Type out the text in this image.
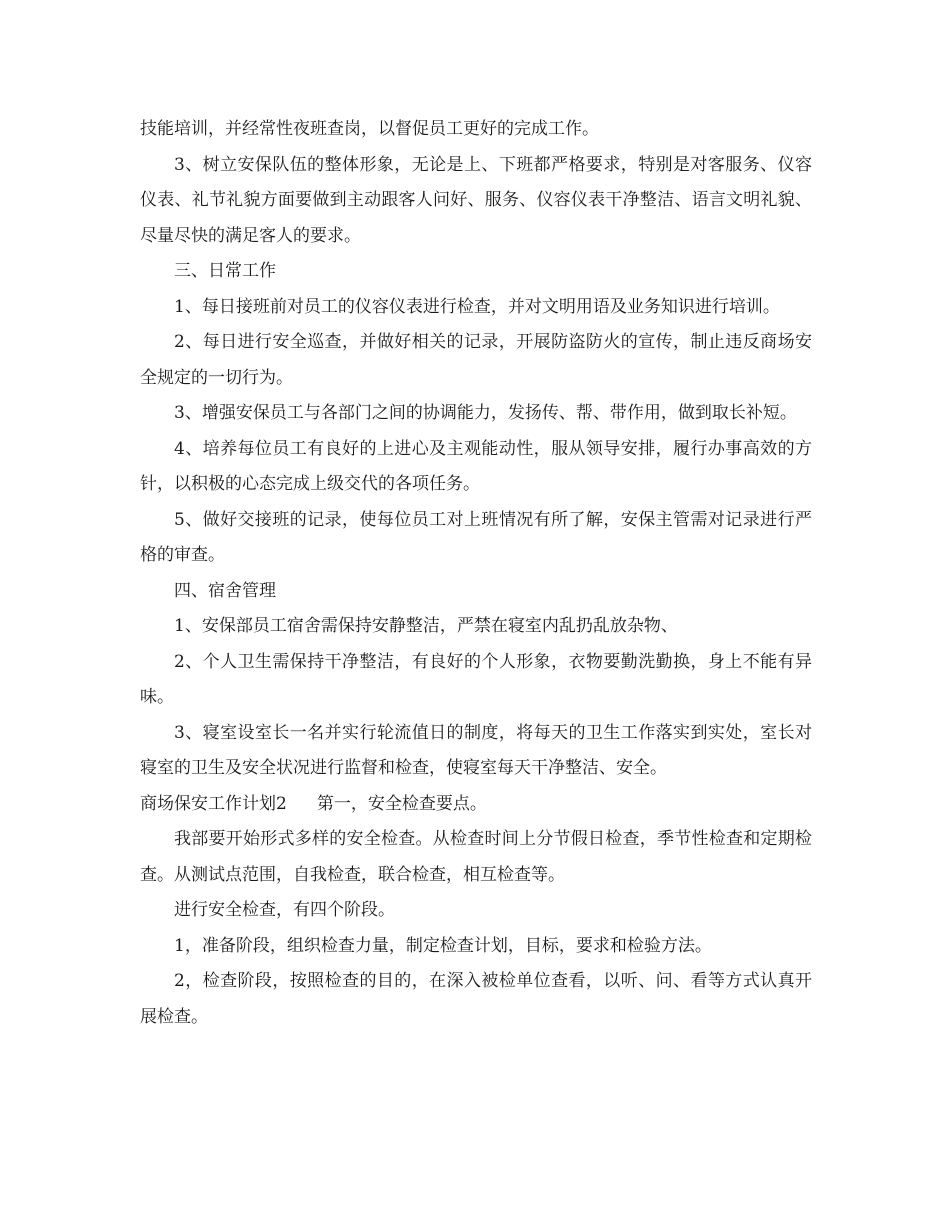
技能培训，并经常性夜班查岗，以督促员工更好的完成工作。

3、树立安保队伍的整体形象，无论是上、下班都严格要求，特别是对客服务、仪容仪表、礼节礼貌方面要做到主动跟客人问好、服务、仪容仪表干净整洁、语言文明礼貌、尽量尽快的满足客人的要求。

三、日常工作

1、每日接班前对员工的仪容仪表进行检查，并对文明用语及业务知识进行培训。

2、每日进行安全巡查，并做好相关的记录，开展防盗防火的宣传，制止违反商场安全规定的一切行为。

3、增强安保员工与各部门之间的协调能力，发扬传、帮、带作用，做到取长补短。

4、培养每位员工有良好的上进心及主观能动性，服从领导安排，履行办事高效的方针，以积极的心态完成上级交代的各项任务。

5、做好交接班的记录，使每位员工对上班情况有所了解，安保主管需对记录进行严格的审查。

四、宿舍管理

1、安保部员工宿舍需保持安静整洁，严禁在寝室内乱扔乱放杂物、

2、个人卫生需保持干净整洁，有良好的个人形象，衣物要勤洗勤换，身上不能有异味。

3、寝室设室长一名并实行轮流值日的制度，将每天的卫生工作落实到实处，室长对寝室的卫生及安全状况进行监督和检查，使寝室每天干净整洁、安全。

商场保安工作计划2 第一，安全检查要点。

我部要开始形式多样的安全检查。从检查时间上分节假日检查，季节性检查和定期检查。从测试点范围，自我检查，联合检查，相互检查等。

进行安全检查，有四个阶段。

1，准备阶段，组织检查力量，制定检查计划，目标，要求和检验方法。

2，检查阶段，按照检查的目的，在深入被检单位查看，以听、问、看等方式认真开展检查。
